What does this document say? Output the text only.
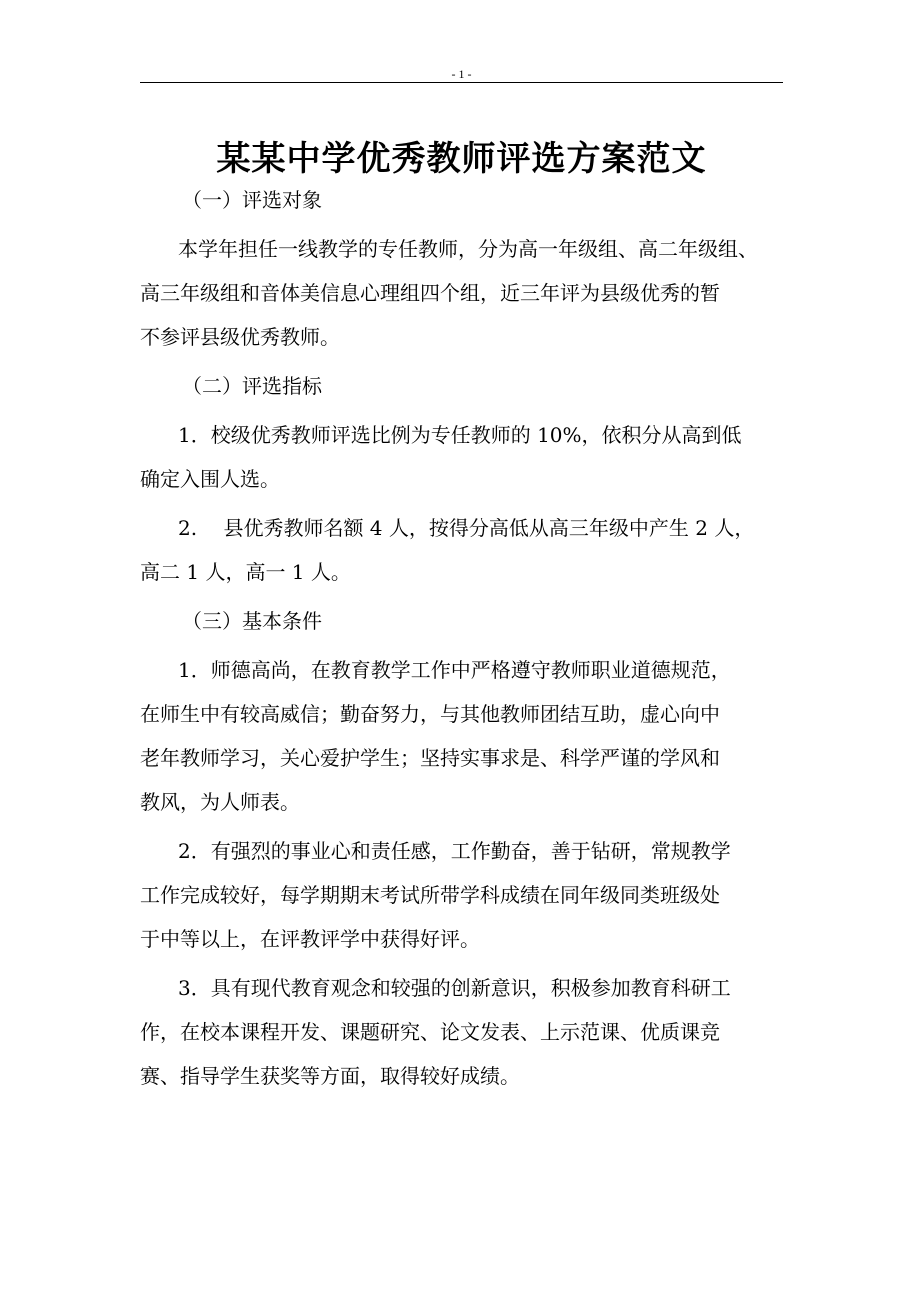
- 1 -
某某中学优秀教师评选方案范文

（一）评选对象

本学年担任一线教学的专任教师，分为高一年级组、高二年级组、
高三年级组和音体美信息心理组四个组，近三年评为县级优秀的暂
不参评县级优秀教师。

（二）评选指标

1．校级优秀教师评选比例为专任教师的 10%，依积分从高到低
确定入围人选。

2.　 县优秀教师名额 4 人，按得分高低从高三年级中产生 2 人，
高二 1 人，高一 1 人。

（三）基本条件

1．师德高尚，在教育教学工作中严格遵守教师职业道德规范，
在师生中有较高威信；勤奋努力，与其他教师团结互助，虚心向中
老年教师学习，关心爱护学生；坚持实事求是、科学严谨的学风和
教风，为人师表。

2．有强烈的事业心和责任感，工作勤奋，善于钻研，常规教学
工作完成较好，每学期期末考试所带学科成绩在同年级同类班级处
于中等以上，在评教评学中获得好评。

3．具有现代教育观念和较强的创新意识，积极参加教育科研工
作，在校本课程开发、课题研究、论文发表、上示范课、优质课竞
赛、指导学生获奖等方面，取得较好成绩。
